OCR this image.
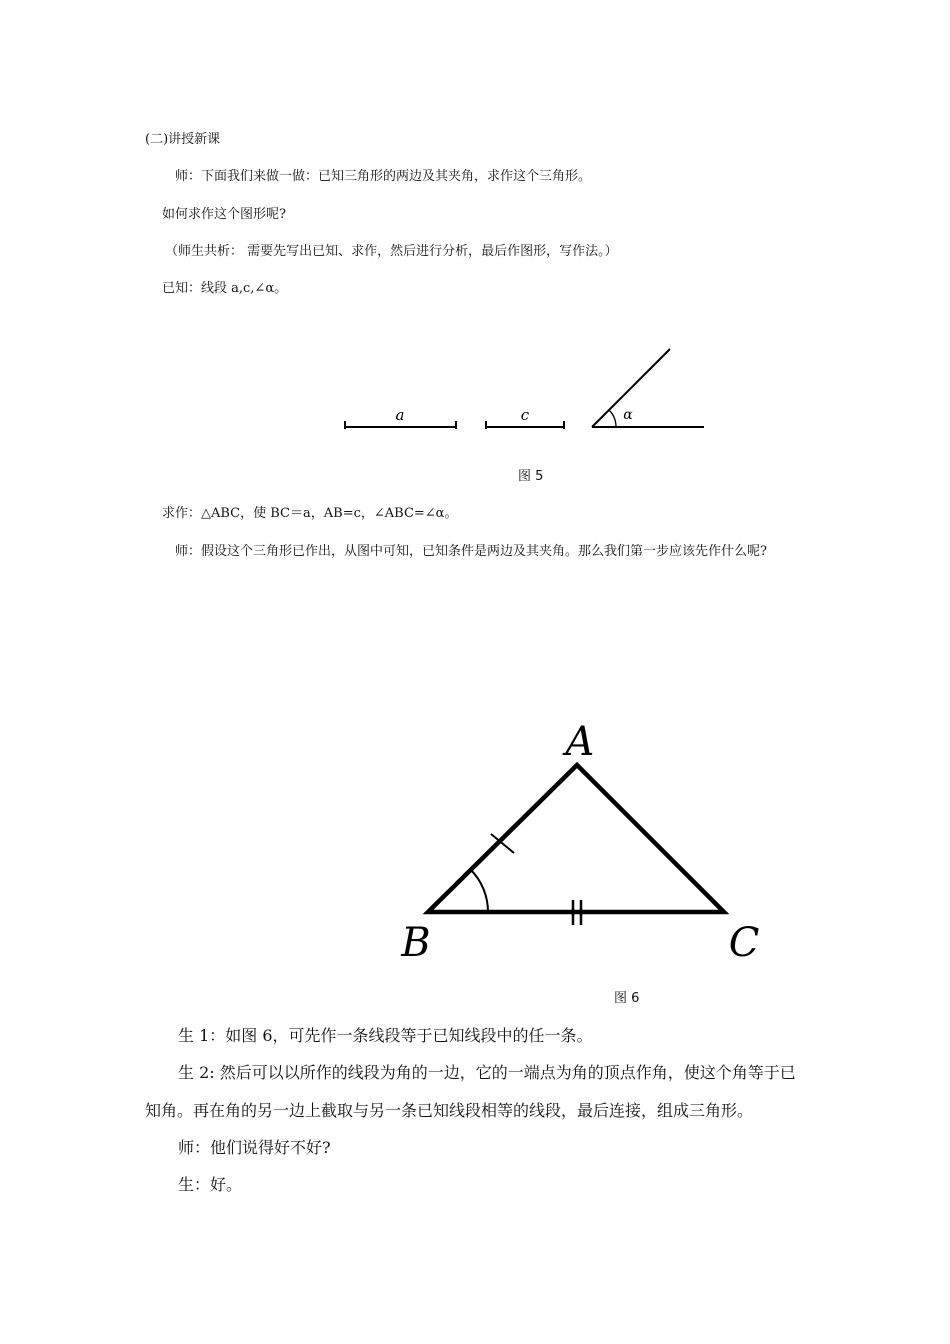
(二)讲授新课
师：下面我们来做一做：已知三角形的两边及其夹角，求作这个三角形。
如何求作这个图形呢?
（师生共析： 需要先写出已知、求作，然后进行分析，最后作图形，写作法。）
已知：线段 a,c,∠α。
a	c	α
图 5
求作：△ABC，使 BC＝a，AB=c，∠ABC=∠α。
师：假设这个三角形已作出，从图中可知，已知条件是两边及其夹角。那么我们第一步应该先作什么呢?
A
B	C
图 6
生 1：如图 6，可先作一条线段等于已知线段中的任一条。
生 2: 然后可以以所作的线段为角的一边，它的一端点为角的顶点作角，使这个角等于已
知角。再在角的另一边上截取与另一条已知线段相等的线段，最后连接，组成三角形。
师：他们说得好不好?
生：好。
